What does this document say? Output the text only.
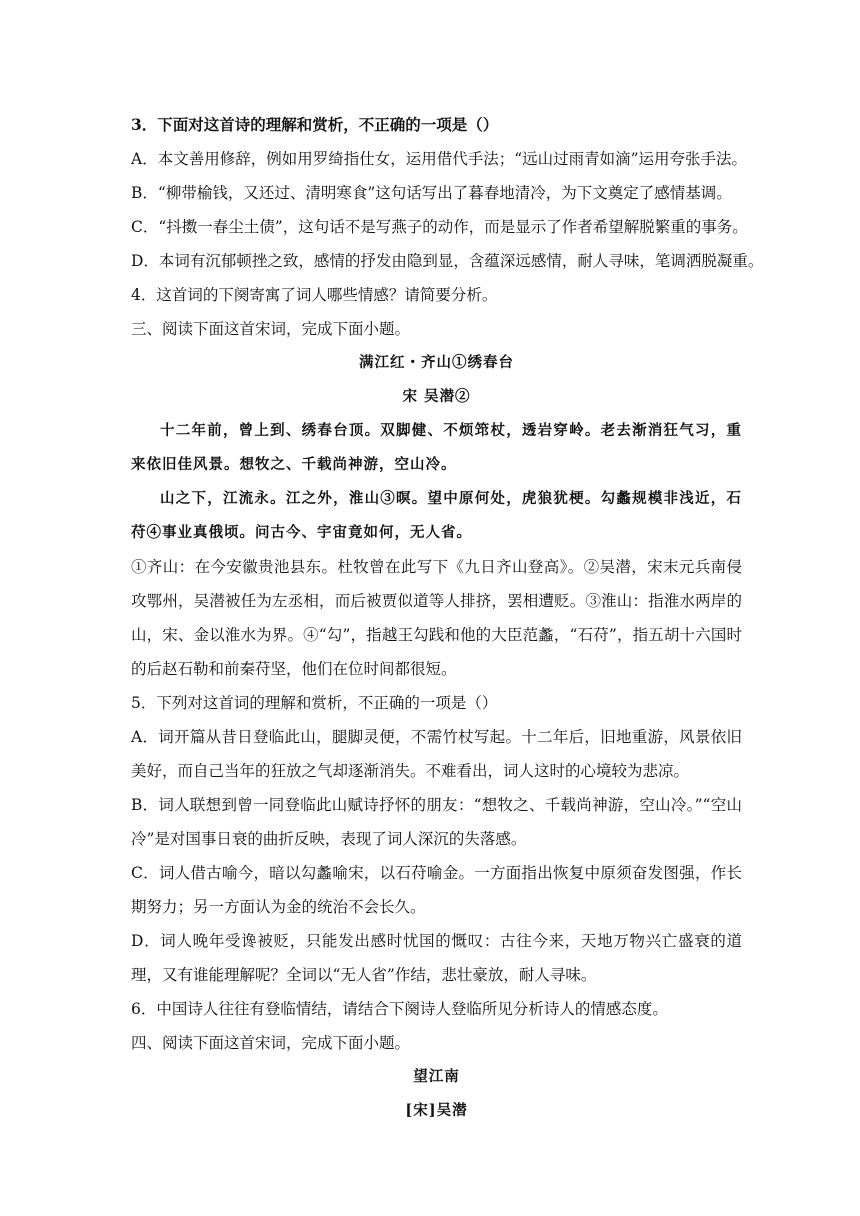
3．下面对这首诗的理解和赏析，不正确的一项是（）

A．本文善用修辞，例如用罗绮指仕女，运用借代手法；“远山过雨青如滴”运用夸张手法。

B．“柳带榆钱，又还过、清明寒食”这句话写出了暮春地清冷，为下文奠定了感情基调。

C．“抖擞一春尘土债”，这句话不是写燕子的动作，而是显示了作者希望解脱繁重的事务。

D．本词有沉郁顿挫之致，感情的抒发由隐到显，含蕴深远感情，耐人寻味，笔调洒脱凝重。

4．这首词的下阕寄寓了词人哪些情感？请简要分析。

三、阅读下面这首宋词，完成下面小题。

满江红・齐山①绣春台

宋 吴潜②

十二年前，曾上到、绣春台顶。双脚健、不烦筇杖，透岩穿岭。老去渐消狂气习，重来依旧佳风景。想牧之、千载尚神游，空山冷。

山之下，江流永。江之外，淮山③暝。望中原何处，虎狼犹梗。勾蠡规模非浅近，石苻④事业真俄顷。问古今、宇宙竟如何，无人省。

①齐山：在今安徽贵池县东。杜牧曾在此写下《九日齐山登高》。②吴潜，宋末元兵南侵攻鄂州，吴潜被任为左丞相，而后被贾似道等人排挤，罢相遭贬。③淮山：指淮水两岸的山，宋、金以淮水为界。④“勾”，指越王勾践和他的大臣范蠡，“石苻”，指五胡十六国时的后赵石勒和前秦苻坚，他们在位时间都很短。

5．下列对这首词的理解和赏析，不正确的一项是（）

A．词开篇从昔日登临此山，腿脚灵便，不需竹杖写起。十二年后，旧地重游，风景依旧美好，而自己当年的狂放之气却逐渐消失。不难看出，词人这时的心境较为悲凉。

B．词人联想到曾一同登临此山赋诗抒怀的朋友：“想牧之、千载尚神游，空山冷。”“空山冷”是对国事日衰的曲折反映，表现了词人深沉的失落感。

C．词人借古喻今，暗以勾蠡喻宋，以石苻喻金。一方面指出恢复中原须奋发图强，作长期努力；另一方面认为金的统治不会长久。

D．词人晚年受谗被贬，只能发出感时忧国的慨叹：古往今来，天地万物兴亡盛衰的道理，又有谁能理解呢？全词以“无人省”作结，悲壮豪放，耐人寻味。

6．中国诗人往往有登临情结，请结合下阕诗人登临所见分析诗人的情感态度。

四、阅读下面这首宋词，完成下面小题。

望江南

[宋]吴潜
